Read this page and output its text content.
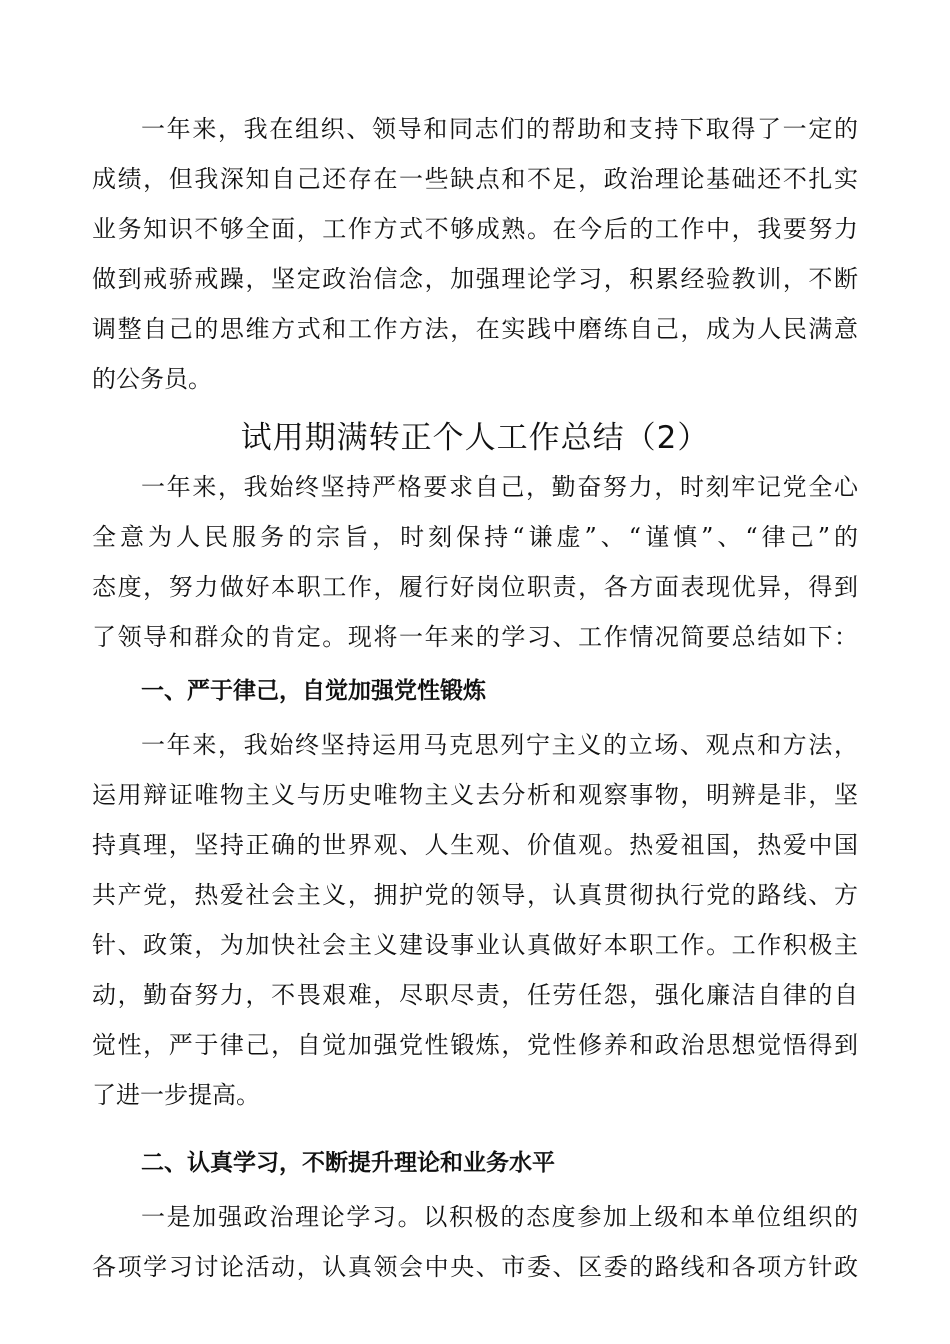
一年来，我在组织、领导和同志们的帮助和支持下取得了一定的
成绩，但我深知自己还存在一些缺点和不足，政治理论基础还不扎实
业务知识不够全面，工作方式不够成熟。在今后的工作中，我要努力
做到戒骄戒躁，坚定政治信念，加强理论学习，积累经验教训，不断
调整自己的思维方式和工作方法，在实践中磨练自己，成为人民满意
的公务员。
试用期满转正个人工作总结（2）
一年来，我始终坚持严格要求自己，勤奋努力，时刻牢记党全心
全意为人民服务的宗旨，时刻保持“谦虚”、“谨慎”、“律己”的
态度，努力做好本职工作，履行好岗位职责，各方面表现优异，得到
了领导和群众的肯定。现将一年来的学习、工作情况简要总结如下：
一、严于律己，自觉加强党性锻炼
一年来，我始终坚持运用马克思列宁主义的立场、观点和方法，
运用辩证唯物主义与历史唯物主义去分析和观察事物，明辨是非，坚
持真理，坚持正确的世界观、人生观、价值观。热爱祖国，热爱中国
共产党，热爱社会主义，拥护党的领导，认真贯彻执行党的路线、方
针、政策，为加快社会主义建设事业认真做好本职工作。工作积极主
动，勤奋努力，不畏艰难，尽职尽责，任劳任怨，强化廉洁自律的自
觉性，严于律己，自觉加强党性锻炼，党性修养和政治思想觉悟得到
了进一步提高。
二、认真学习，不断提升理论和业务水平
一是加强政治理论学习。以积极的态度参加上级和本单位组织的
各项学习讨论活动，认真领会中央、市委、区委的路线和各项方针政
